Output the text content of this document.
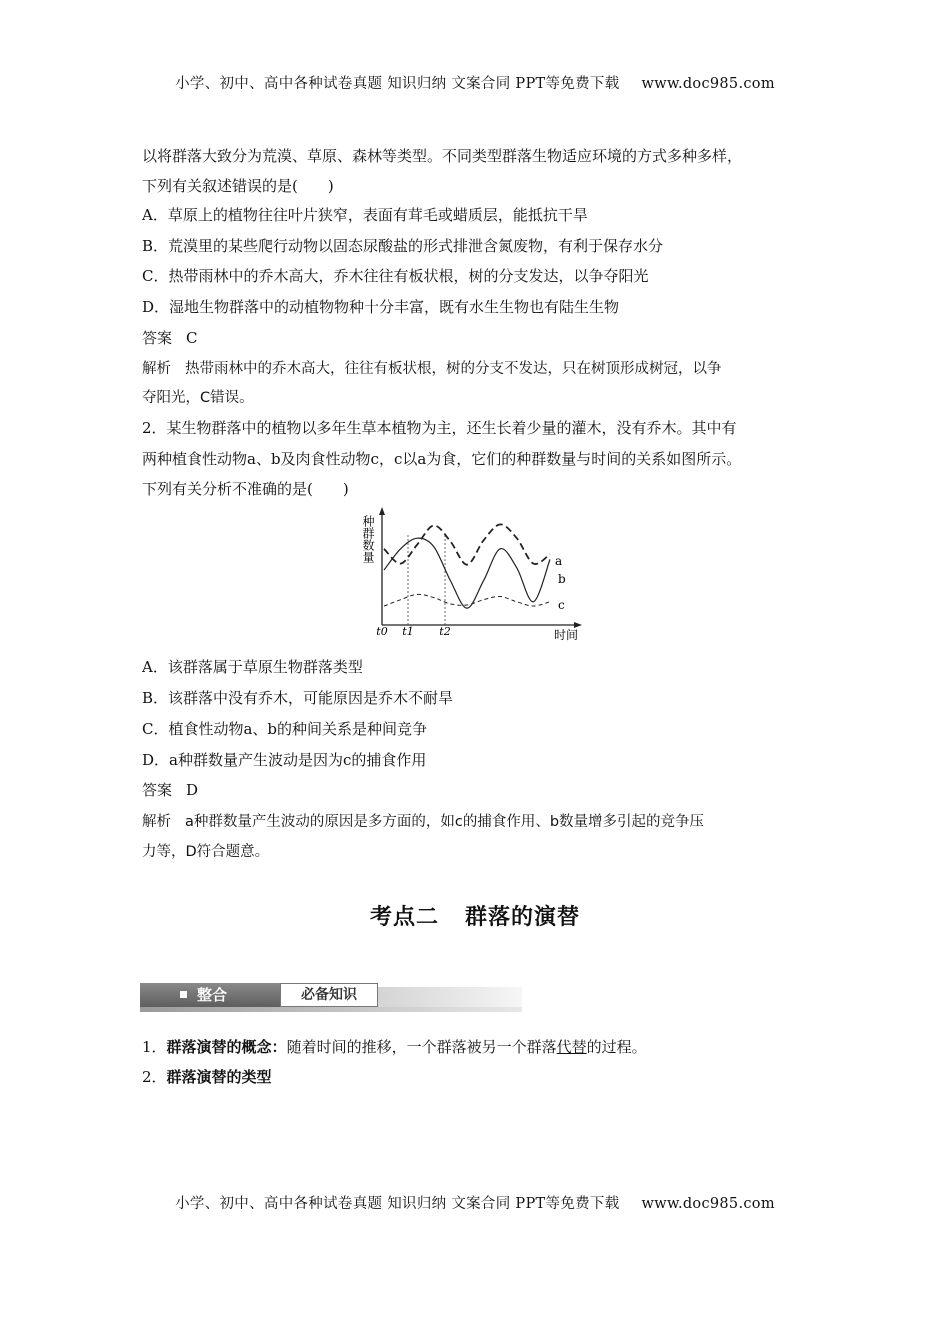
小学、初中、高中各种试卷真题 知识归纳 文案合同 PPT等免费下载 www.doc985.com
以将群落大致分为荒漠、草原、森林等类型。不同类型群落生物适应环境的方式多种多样，
下列有关叙述错误的是(　　)
A．草原上的植物往往叶片狭窄，表面有茸毛或蜡质层，能抵抗干旱
B．荒漠里的某些爬行动物以固态尿酸盐的形式排泄含氮废物，有利于保存水分
C．热带雨林中的乔木高大，乔木往往有板状根，树的分支发达，以争夺阳光
D．湿地生物群落中的动植物物种十分丰富，既有水生生物也有陆生生物
答案 C
解析 热带雨林中的乔木高大，往往有板状根，树的分支不发达，只在树顶形成树冠，以争
夺阳光，C错误。
2．某生物群落中的植物以多年生草本植物为主，还生长着少量的灌木，没有乔木。其中有
两种植食性动物a、b及肉食性动物c，c以a为食，它们的种群数量与时间的关系如图所示。
下列有关分析不准确的是(　　)
种群数量
时间
t0 t1 t2
a
b
c
A．该群落属于草原生物群落类型
B．该群落中没有乔木，可能原因是乔木不耐旱
C．植食性动物a、b的种间关系是种间竞争
D．a种群数量产生波动是因为c的捕食作用
答案 D
解析 a种群数量产生波动的原因是多方面的，如c的捕食作用、b数量增多引起的竞争压
力等，D符合题意。
考点二 群落的演替
整合	必备知识
1．群落演替的概念：随着时间的推移，一个群落被另一个群落代替的过程。
2．群落演替的类型
小学、初中、高中各种试卷真题 知识归纳 文案合同 PPT等免费下载 www.doc985.com
